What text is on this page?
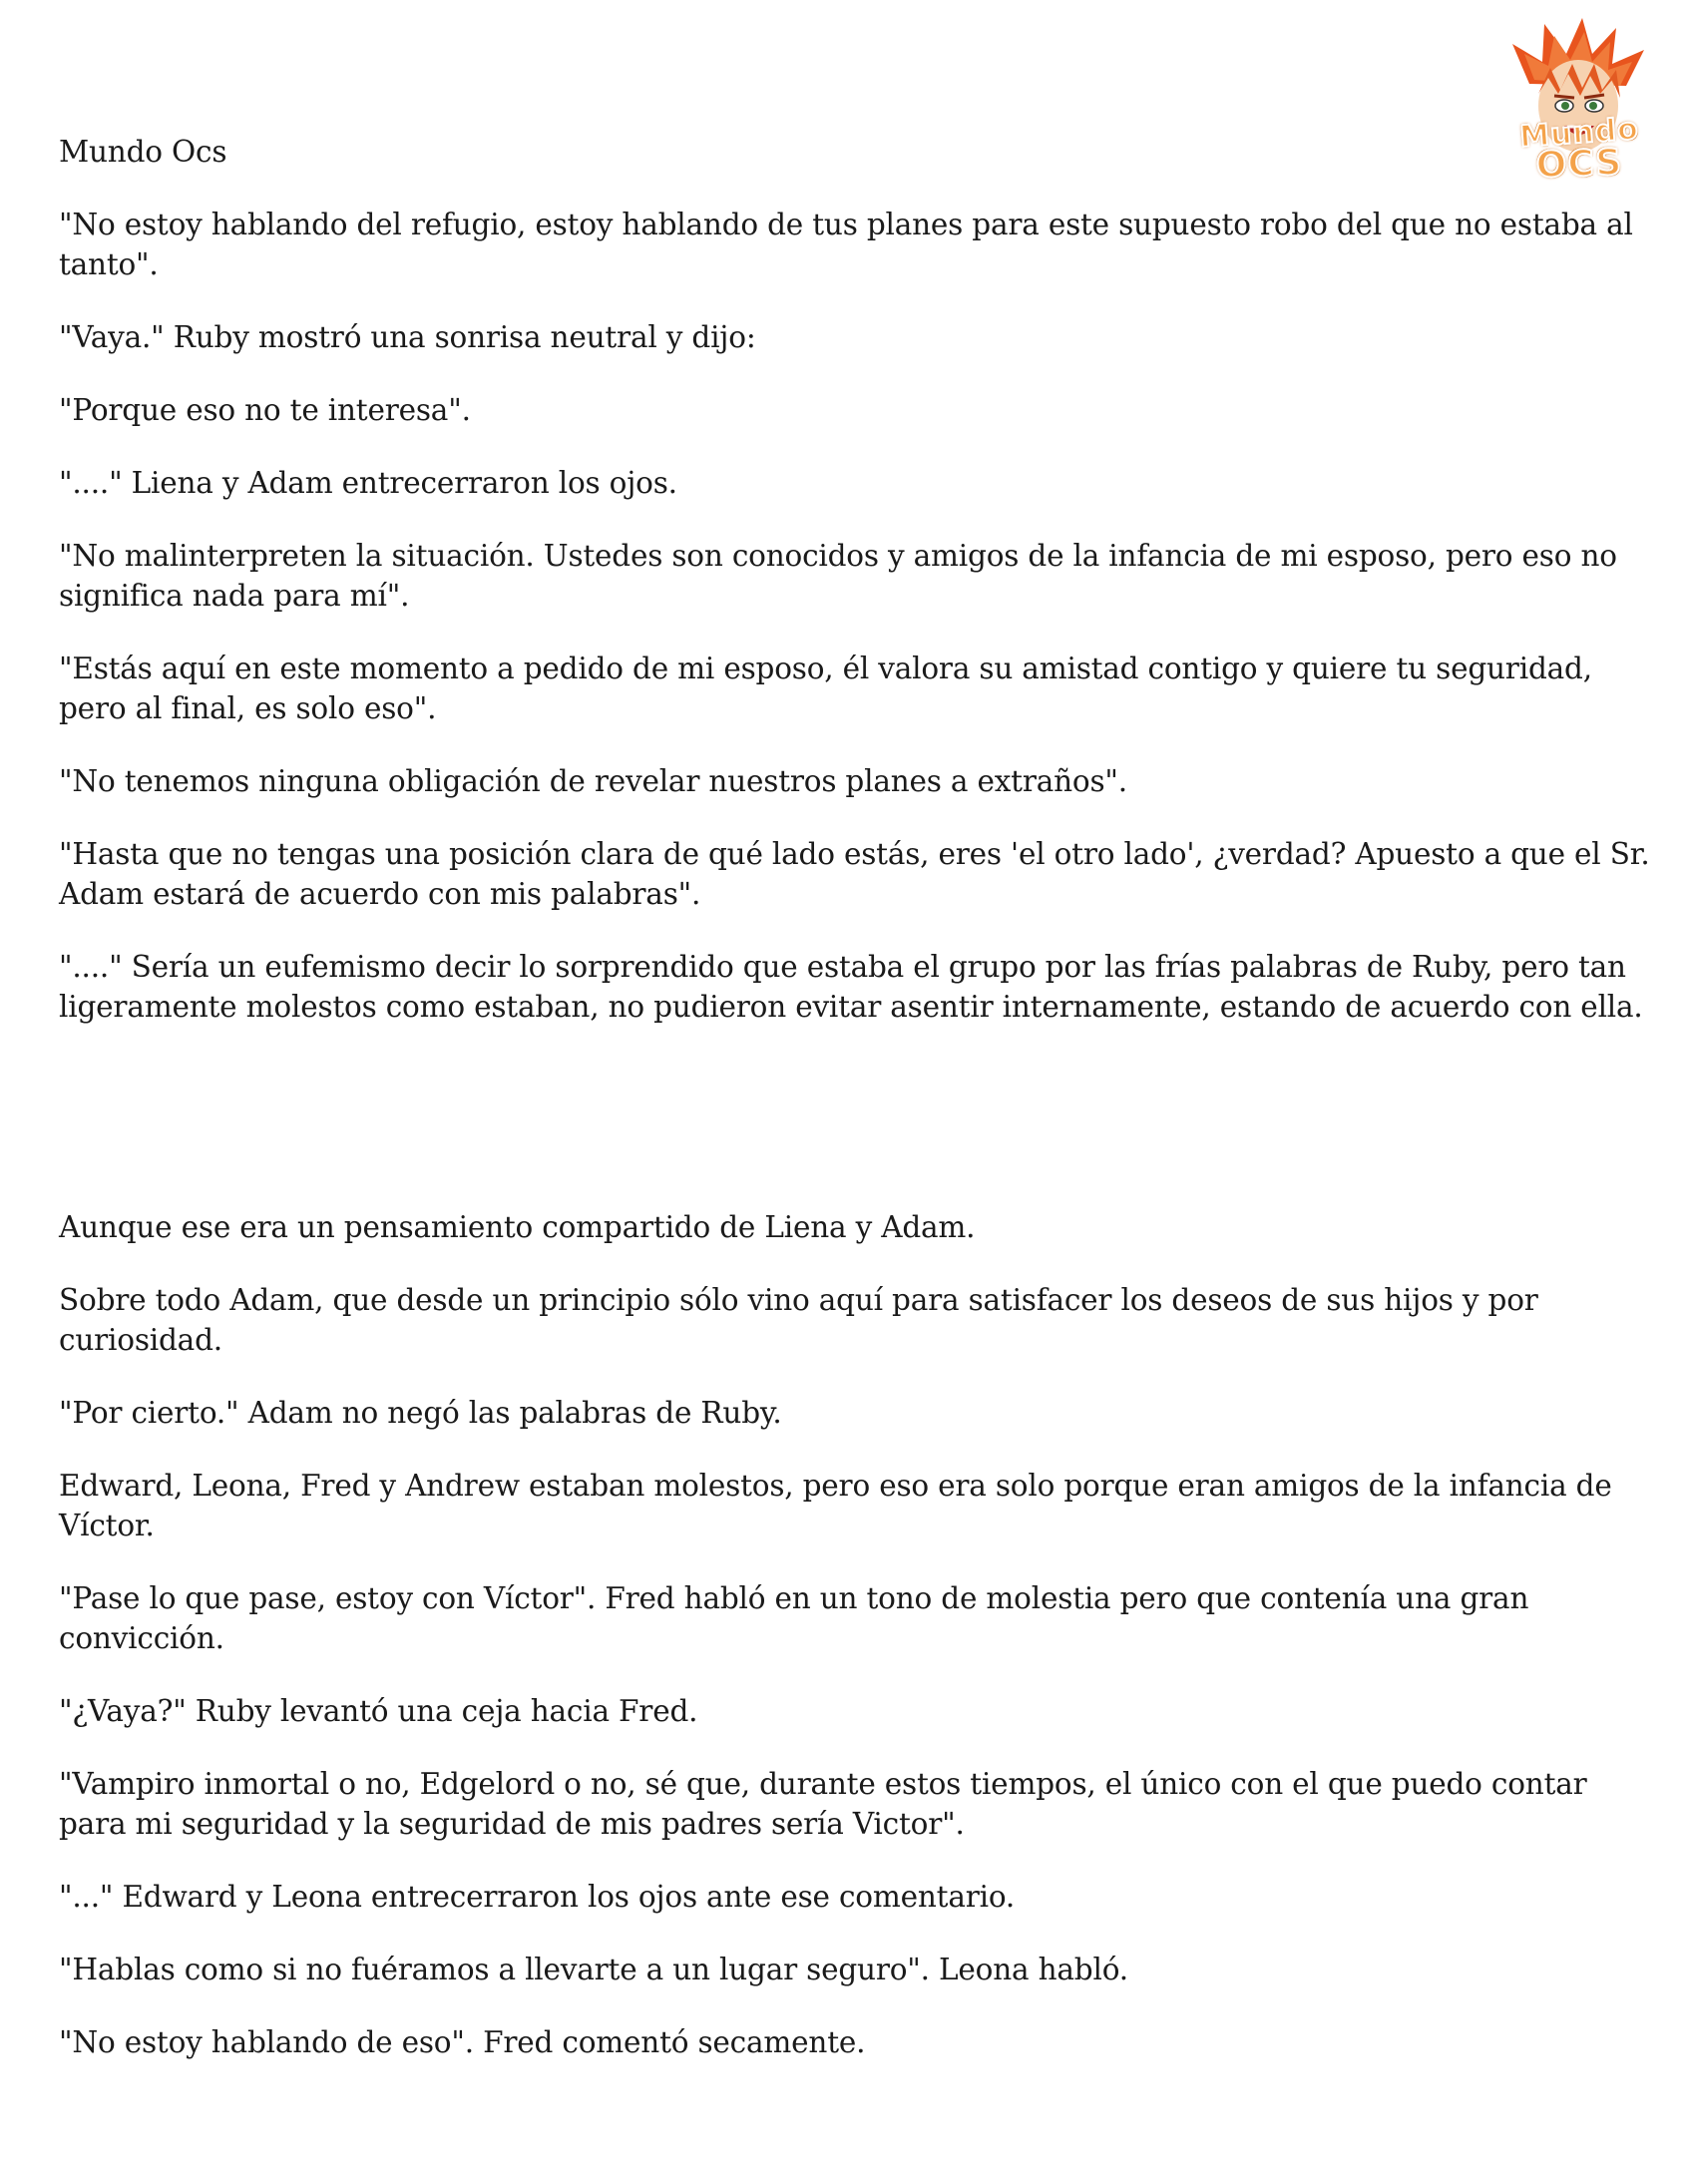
Mundo
OCS

Mundo Ocs

"No estoy hablando del refugio, estoy hablando de tus planes para este supuesto robo del que no estaba al tanto".

"Vaya." Ruby mostró una sonrisa neutral y dijo:

"Porque eso no te interesa".

"...." Liena y Adam entrecerraron los ojos.

"No malinterpreten la situación. Ustedes son conocidos y amigos de la infancia de mi esposo, pero eso no significa nada para mí".

"Estás aquí en este momento a pedido de mi esposo, él valora su amistad contigo y quiere tu seguridad, pero al final, es solo eso".

"No tenemos ninguna obligación de revelar nuestros planes a extraños".

"Hasta que no tengas una posición clara de qué lado estás, eres 'el otro lado', ¿verdad? Apuesto a que el Sr. Adam estará de acuerdo con mis palabras".

"...." Sería un eufemismo decir lo sorprendido que estaba el grupo por las frías palabras de Ruby, pero tan ligeramente molestos como estaban, no pudieron evitar asentir internamente, estando de acuerdo con ella.

Aunque ese era un pensamiento compartido de Liena y Adam.

Sobre todo Adam, que desde un principio sólo vino aquí para satisfacer los deseos de sus hijos y por curiosidad.

"Por cierto." Adam no negó las palabras de Ruby.

Edward, Leona, Fred y Andrew estaban molestos, pero eso era solo porque eran amigos de la infancia de Víctor.

"Pase lo que pase, estoy con Víctor". Fred habló en un tono de molestia pero que contenía una gran convicción.

"¿Vaya?" Ruby levantó una ceja hacia Fred.

"Vampiro inmortal o no, Edgelord o no, sé que, durante estos tiempos, el único con el que puedo contar para mi seguridad y la seguridad de mis padres sería Victor".

"..." Edward y Leona entrecerraron los ojos ante ese comentario.

"Hablas como si no fuéramos a llevarte a un lugar seguro". Leona habló.

"No estoy hablando de eso". Fred comentó secamente.
